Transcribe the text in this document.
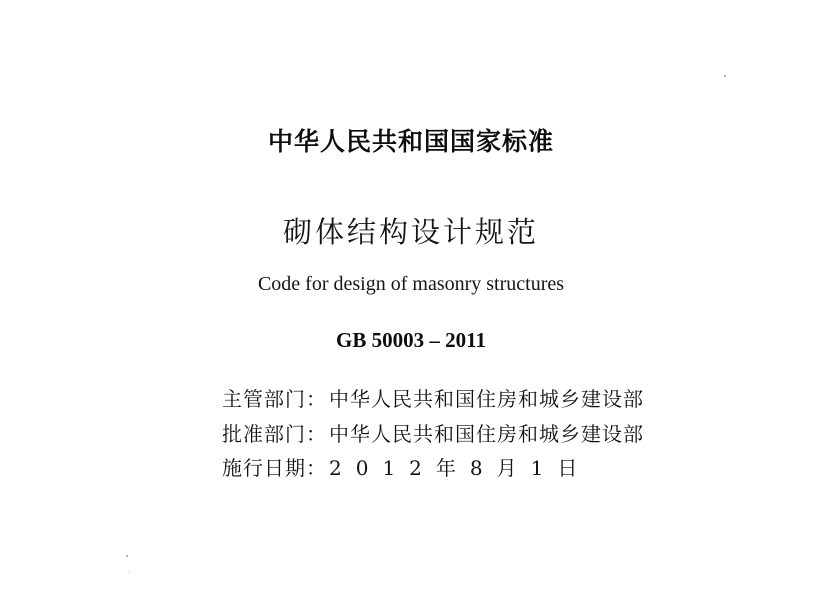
中华人民共和国国家标准
砌体结构设计规范
Code for design of masonry structures
GB 50003 – 2011
主管部门： 中华人民共和国住房和城乡建设部
批准部门： 中华人民共和国住房和城乡建设部
施行日期： 2012年8月1日
